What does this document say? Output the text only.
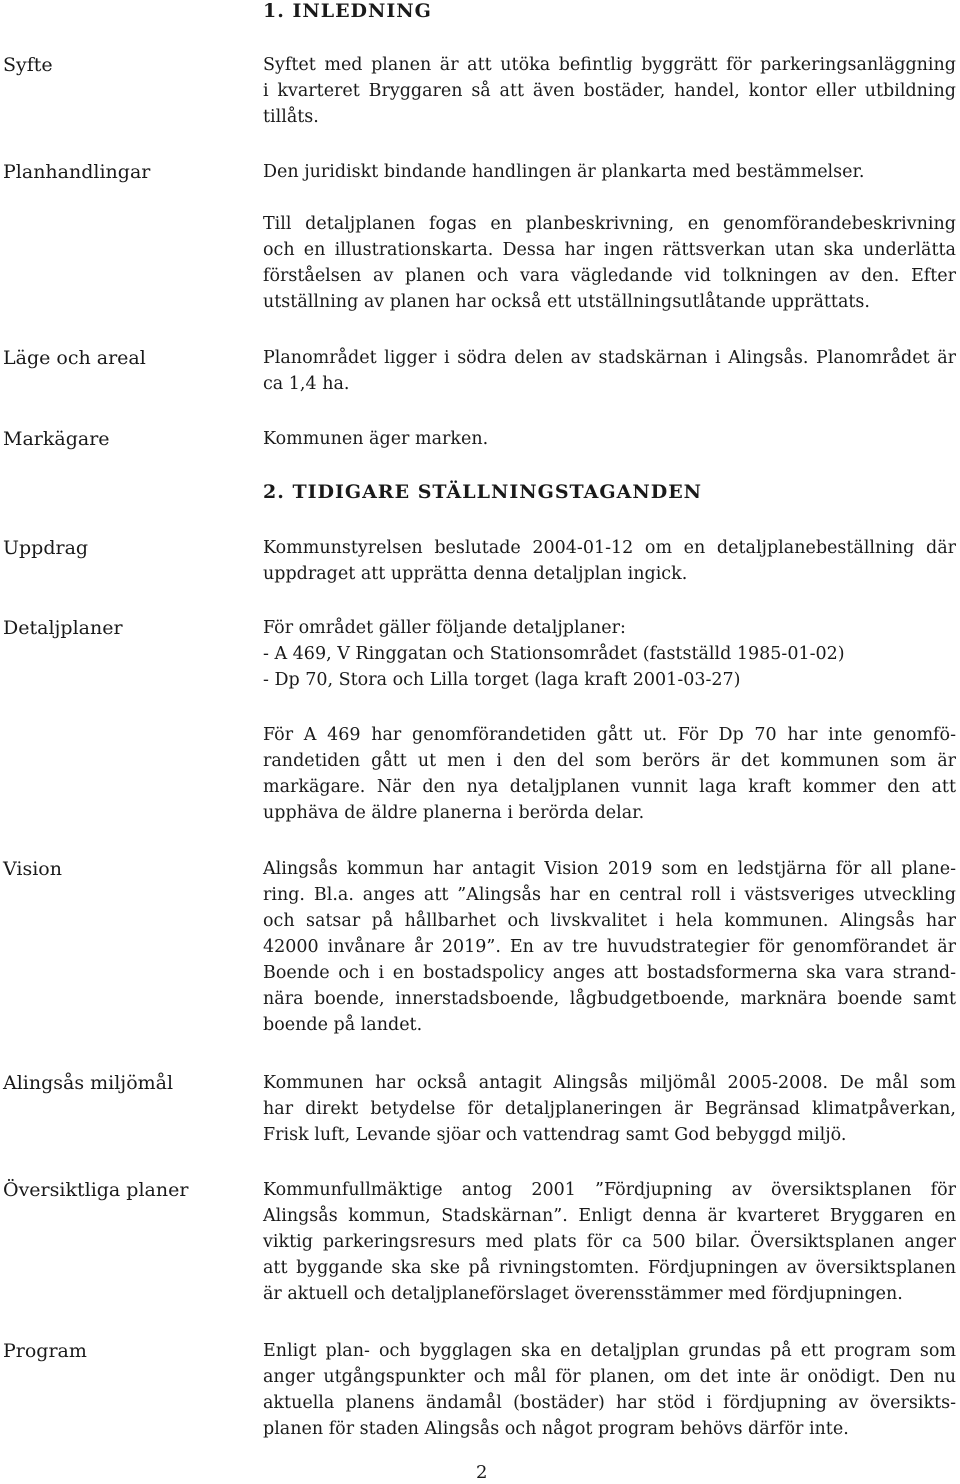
1. INLEDNING
Syfte	Syftet med planen är att utöka befintlig byggrätt för parkeringsanläggning
i kvarteret Bryggaren så att även bostäder, handel, kontor eller utbildning
tillåts.
Planhandlingar	Den juridiskt bindande handlingen är plankarta med bestämmelser.
Till detaljplanen fogas en planbeskrivning, en genomförandebeskrivning
och en illustrationskarta. Dessa har ingen rättsverkan utan ska underlätta
förståelsen av planen och vara vägledande vid tolkningen av den. Efter
utställning av planen har också ett utställningsutlåtande upprättats.
Läge och areal	Planområdet ligger i södra delen av stadskärnan i Alingsås. Planområdet är
ca 1,4 ha.
Markägare	Kommunen äger marken.
2. TIDIGARE STÄLLNINGSTAGANDEN
Uppdrag	Kommunstyrelsen beslutade 2004-01-12 om en detaljplanebeställning där
uppdraget att upprätta denna detaljplan ingick.
Detaljplaner	För området gäller följande detaljplaner:
- A 469, V Ringgatan och Stationsområdet (fastställd 1985-01-02)
- Dp 70, Stora och Lilla torget (laga kraft 2001-03-27)
För A 469 har genomförandetiden gått ut. För Dp 70 har inte genomfö-
randetiden gått ut men i den del som berörs är det kommunen som är
markägare. När den nya detaljplanen vunnit laga kraft kommer den att
upphäva de äldre planerna i berörda delar.
Vision	Alingsås kommun har antagit Vision 2019 som en ledstjärna för all plane-
ring. Bl.a. anges att ”Alingsås har en central roll i västsveriges utveckling
och satsar på hållbarhet och livskvalitet i hela kommunen. Alingsås har
42000 invånare år 2019”. En av tre huvudstrategier för genomförandet är
Boende och i en bostadspolicy anges att bostadsformerna ska vara strand-
nära boende, innerstadsboende, lågbudgetboende, marknära boende samt
boende på landet.
Alingsås miljömål	Kommunen har också antagit Alingsås miljömål 2005-2008. De mål som
har direkt betydelse för detaljplaneringen är Begränsad klimatpåverkan,
Frisk luft, Levande sjöar och vattendrag samt God bebyggd miljö.
Översiktliga planer	Kommunfullmäktige antog 2001 ”Fördjupning av översiktsplanen för
Alingsås kommun, Stadskärnan”. Enligt denna är kvarteret Bryggaren en
viktig parkeringsresurs med plats för ca 500 bilar. Översiktsplanen anger
att byggande ska ske på rivningstomten. Fördjupningen av översiktsplanen
är aktuell och detaljplaneförslaget överensstämmer med fördjupningen.
Program	Enligt plan- och bygglagen ska en detaljplan grundas på ett program som
anger utgångspunkter och mål för planen, om det inte är onödigt. Den nu
aktuella planens ändamål (bostäder) har stöd i fördjupning av översikts-
planen för staden Alingsås och något program behövs därför inte.
2
